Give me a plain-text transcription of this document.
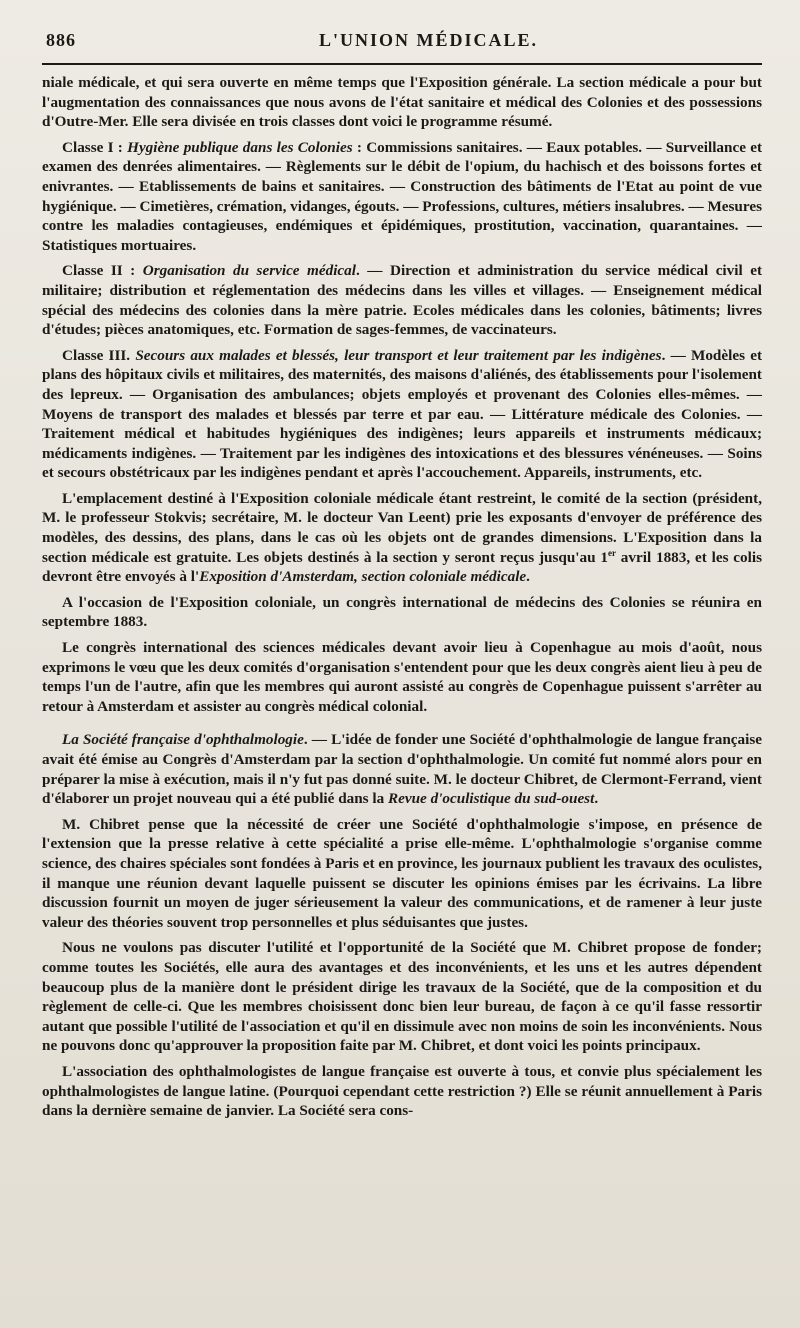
886	L'UNION MÉDICALE.

niale médicale, et qui sera ouverte en même temps que l'Exposition générale. La section médicale a pour but l'augmentation des connaissances que nous avons de l'état sanitaire et médical des Colonies et des possessions d'Outre-Mer. Elle sera divisée en trois classes dont voici le programme résumé.

Classe I : Hygiène publique dans les Colonies : Commissions sanitaires. — Eaux potables. — Surveillance et examen des denrées alimentaires. — Règlements sur le débit de l'opium, du hachisch et des boissons fortes et enivrantes. — Etablissements de bains et sanitaires. — Construction des bâtiments de l'Etat au point de vue hygiénique. — Cimetières, crémation, vidanges, égouts. — Professions, cultures, métiers insalubres. — Mesures contre les maladies contagieuses, endémiques et épidémiques, prostitution, vaccination, quarantaines. — Statistiques mortuaires.

Classe II : Organisation du service médical. — Direction et administration du service médical civil et militaire; distribution et réglementation des médecins dans les villes et villages. — Enseignement médical spécial des médecins des colonies dans la mère patrie. Ecoles médicales dans les colonies, bâtiments; livres d'études; pièces anatomiques, etc. Formation de sages-femmes, de vaccinateurs.

Classe III. Secours aux malades et blessés, leur transport et leur traitement par les indigènes. — Modèles et plans des hôpitaux civils et militaires, des maternités, des maisons d'aliénés, des établissements pour l'isolement des lepreux. — Organisation des ambulances; objets employés et provenant des Colonies elles-mêmes. — Moyens de transport des malades et blessés par terre et par eau. — Littérature médicale des Colonies. — Traitement médical et habitudes hygiéniques des indigènes; leurs appareils et instruments médicaux; médicaments indigènes. — Traitement par les indigènes des intoxications et des blessures vénéneuses. — Soins et secours obstétricaux par les indigènes pendant et après l'accouchement. Appareils, instruments, etc.

L'emplacement destiné à l'Exposition coloniale médicale étant restreint, le comité de la section (président, M. le professeur Stokvis; secrétaire, M. le docteur Van Leent) prie les exposants d'envoyer de préférence des modèles, des dessins, des plans, dans le cas où les objets ont de grandes dimensions. L'Exposition dans la section médicale est gratuite. Les objets destinés à la section y seront reçus jusqu'au 1er avril 1883, et les colis devront être envoyés à l'Exposition d'Amsterdam, section coloniale médicale.

A l'occasion de l'Exposition coloniale, un congrès international de médecins des Colonies se réunira en septembre 1883.

Le congrès international des sciences médicales devant avoir lieu à Copenhague au mois d'août, nous exprimons le vœu que les deux comités d'organisation s'entendent pour que les deux congrès aient lieu à peu de temps l'un de l'autre, afin que les membres qui auront assisté au congrès de Copenhague puissent s'arrêter au retour à Amsterdam et assister au congrès médical colonial.

La Société française d'ophthalmologie. — L'idée de fonder une Société d'ophthalmologie de langue française avait été émise au Congrès d'Amsterdam par la section d'ophthalmologie. Un comité fut nommé alors pour en préparer la mise à exécution, mais il n'y fut pas donné suite. M. le docteur Chibret, de Clermont-Ferrand, vient d'élaborer un projet nouveau qui a été publié dans la Revue d'oculistique du sud-ouest.

M. Chibret pense que la nécessité de créer une Société d'ophthalmologie s'impose, en présence de l'extension que la presse relative à cette spécialité a prise elle-même. L'ophthalmologie s'organise comme science, des chaires spéciales sont fondées à Paris et en province, les journaux publient les travaux des oculistes, il manque une réunion devant laquelle puissent se discuter les opinions émises par les écrivains. La libre discussion fournit un moyen de juger sérieusement la valeur des communications, et de ramener à leur juste valeur des théories souvent trop personnelles et plus séduisantes que justes.

Nous ne voulons pas discuter l'utilité et l'opportunité de la Société que M. Chibret propose de fonder; comme toutes les Sociétés, elle aura des avantages et des inconvénients, et les uns et les autres dépendent beaucoup plus de la manière dont le président dirige les travaux de la Société, que de la composition et du règlement de celle-ci. Que les membres choisissent donc bien leur bureau, de façon à ce qu'il fasse ressortir autant que possible l'utilité de l'association et qu'il en dissimule avec non moins de soin les inconvénients. Nous ne pouvons donc qu'approuver la proposition faite par M. Chibret, et dont voici les points principaux.

L'association des ophthalmologistes de langue française est ouverte à tous, et convie plus spécialement les ophthalmologistes de langue latine. (Pourquoi cependant cette restriction ?) Elle se réunit annuellement à Paris dans la dernière semaine de janvier. La Société sera cons-
